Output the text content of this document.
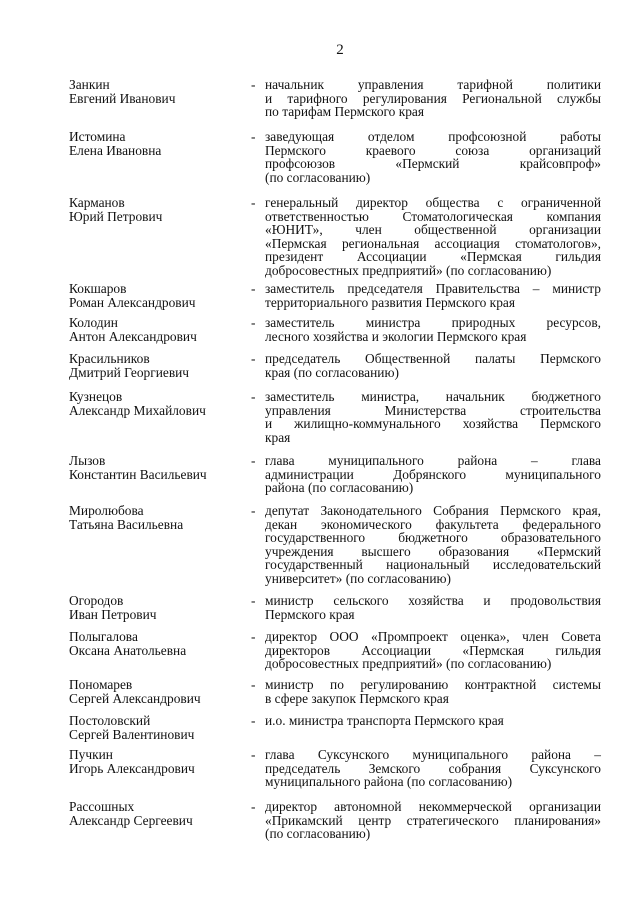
2
Занкин
Евгений Иванович
- начальник управления тарифной политики
и тарифного регулирования Региональной службы
по тарифам Пермского края
Истомина
Елена Ивановна
- заведующая отделом профсоюзной работы
Пермского краевого союза организаций
профсоюзов «Пермский крайсовпроф»
(по согласованию)
Карманов
Юрий Петрович
- генеральный директор общества с ограниченной
ответственностью Стоматологическая компания
«ЮНИТ», член общественной организации
«Пермская региональная ассоциация стоматологов»,
президент Ассоциации «Пермская гильдия
добросовестных предприятий» (по согласованию)
Кокшаров
Роман Александрович
- заместитель председателя Правительства – министр
территориального развития Пермского края
Колодин
Антон Александрович
- заместитель министра природных ресурсов,
лесного хозяйства и экологии Пермского края
Красильников
Дмитрий Георгиевич
- председатель Общественной палаты Пермского
края (по согласованию)
Кузнецов
Александр Михайлович
- заместитель министра, начальник бюджетного
управления Министерства строительства
и жилищно-коммунального хозяйства Пермского
края
Лызов
Константин Васильевич
- глава муниципального района – глава
администрации Добрянского муниципального
района (по согласованию)
Миролюбова
Татьяна Васильевна
- депутат Законодательного Собрания Пермского края,
декан экономического факультета федерального
государственного бюджетного образовательного
учреждения высшего образования «Пермский
государственный национальный исследовательский
университет» (по согласованию)
Огородов
Иван Петрович
- министр сельского хозяйства и продовольствия
Пермского края
Полыгалова
Оксана Анатольевна
- директор ООО «Промпроект оценка», член Совета
директоров Ассоциации «Пермская гильдия
добросовестных предприятий» (по согласованию)
Пономарев
Сергей Александрович
- министр по регулированию контрактной системы
в сфере закупок Пермского края
Постоловский
Сергей Валентинович
- и.о. министра транспорта Пермского края
Пучкин
Игорь Александрович
- глава Суксунского муниципального района –
председатель Земского собрания Суксунского
муниципального района (по согласованию)
Рассошных
Александр Сергеевич
- директор автономной некоммерческой организации
«Прикамский центр стратегического планирования»
(по согласованию)
